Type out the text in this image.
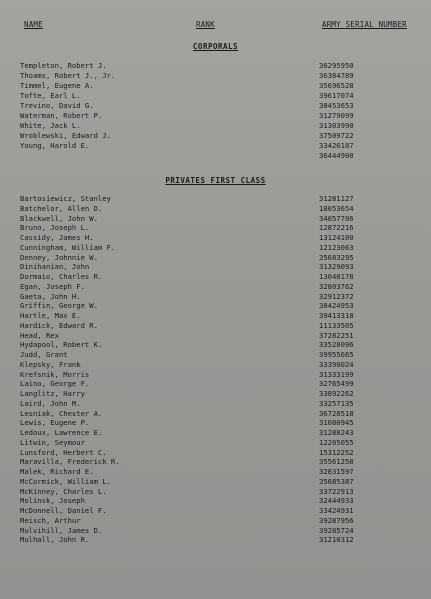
NAME	RANK	ARMY SERIAL NUMBER
CORPORALS
Templeton, Robert J.	36295950
Thoams, Robert J., Jr.	36384789
Timmel, Eugene A.	35696528
Tofte, Earl L.	39617074
Trevino, David G.	38453653
Waterman, Robert P.	31279099
White, Jack L.	31303990
Wroblewski, Edward J.	37509722
Young, Harold E.	33426187
36444900
PRIVATES FIRST CLASS
Bartosiewicz, Stanley	31281127
Batchelor, Allen D.	18053654
Blackwell, John W.	34057706
Bruno, Joseph L.	12872216
Cassidy, James H.	13124100
Cunningham, William F.	12123063
Denney, Johnnie W.	35683295
Dinihanian, John	31329093
Dormaio, Charles R.	13040178
Egan, Joseph F.	32803762
Gaeta, John H.	32912372
Griffin, George W.	38424953
Hartle, Max E.	39413318
Hardick, Edward R.	11133505
Head, Rex	37282251
Hydapool, Robert K.	33528096
Judd, Grant	39955665
Klepsky, Frank	33390024
Krefsnik, Morris	31333199
Laino, George F.	32765499
Langlitz, Harry	33892262
Laird, John M.	33257135
Lesniak, Chester A.	36728518
Lewis, Eugene P.	31080945
Ledoux, Lawrence E.	31288243
Litwin, Seymour	12205055
Lunsford, Herbert C.	15312252
Maravilla, Frederick R.	35561258
Malek, Richard E.	32831597
McCormick, William L.	35685387
McKinney, Charles L.	33722913
Molinsk, Joseph	32444933
McDonnell, Daniel F.	33424931
Meisch, Arthur	39287956
Mulvihill, James D.	39285724
Mulhall, John R.	31210312
